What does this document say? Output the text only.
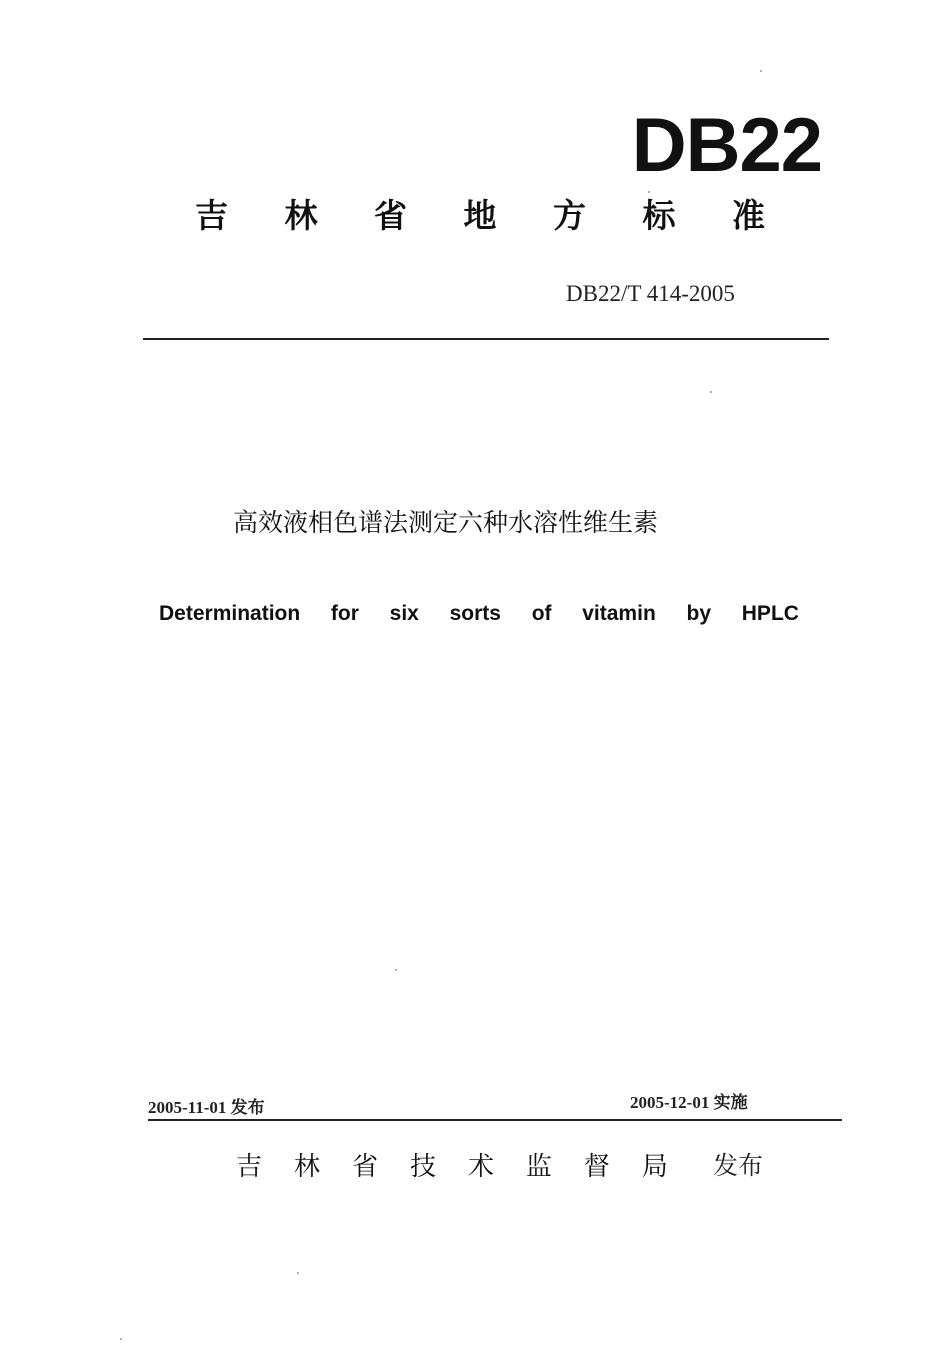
DB22
吉 林 省 地 方 标 准
DB22/T 414-2005
高效液相色谱法测定六种水溶性维生素
Determination for six sorts of vitamin by HPLC
2005-11-01 发布	2005-12-01 实施
吉 林 省 技 术 监 督 局 发布
